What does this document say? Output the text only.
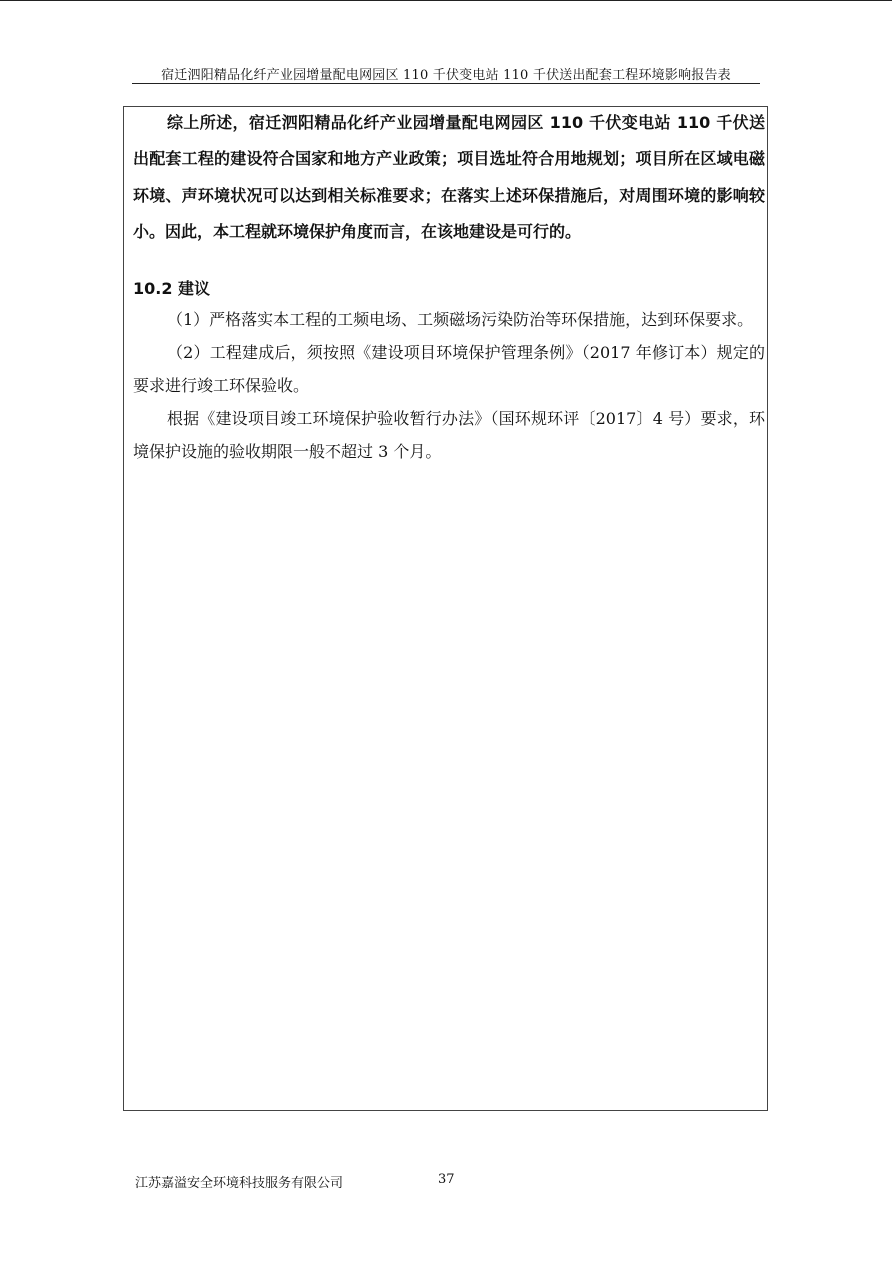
宿迁泗阳精品化纤产业园增量配电网园区 110 千伏变电站 110 千伏送出配套工程环境影响报告表

综上所述，宿迁泗阳精品化纤产业园增量配电网园区 110 千伏变电站 110 千伏送出配套工程的建设符合国家和地方产业政策；项目选址符合用地规划；项目所在区域电磁环境、声环境状况可以达到相关标准要求；在落实上述环保措施后，对周围环境的影响较小。因此，本工程就环境保护角度而言，在该地建设是可行的。

10.2 建议

（1）严格落实本工程的工频电场、工频磁场污染防治等环保措施，达到环保要求。

（2）工程建成后，须按照《建设项目环境保护管理条例》（2017 年修订本）规定的要求进行竣工环保验收。

根据《建设项目竣工环境保护验收暂行办法》（国环规环评〔2017〕4 号）要求，环境保护设施的验收期限一般不超过 3 个月。

江苏嘉溢安全环境科技服务有限公司	37
